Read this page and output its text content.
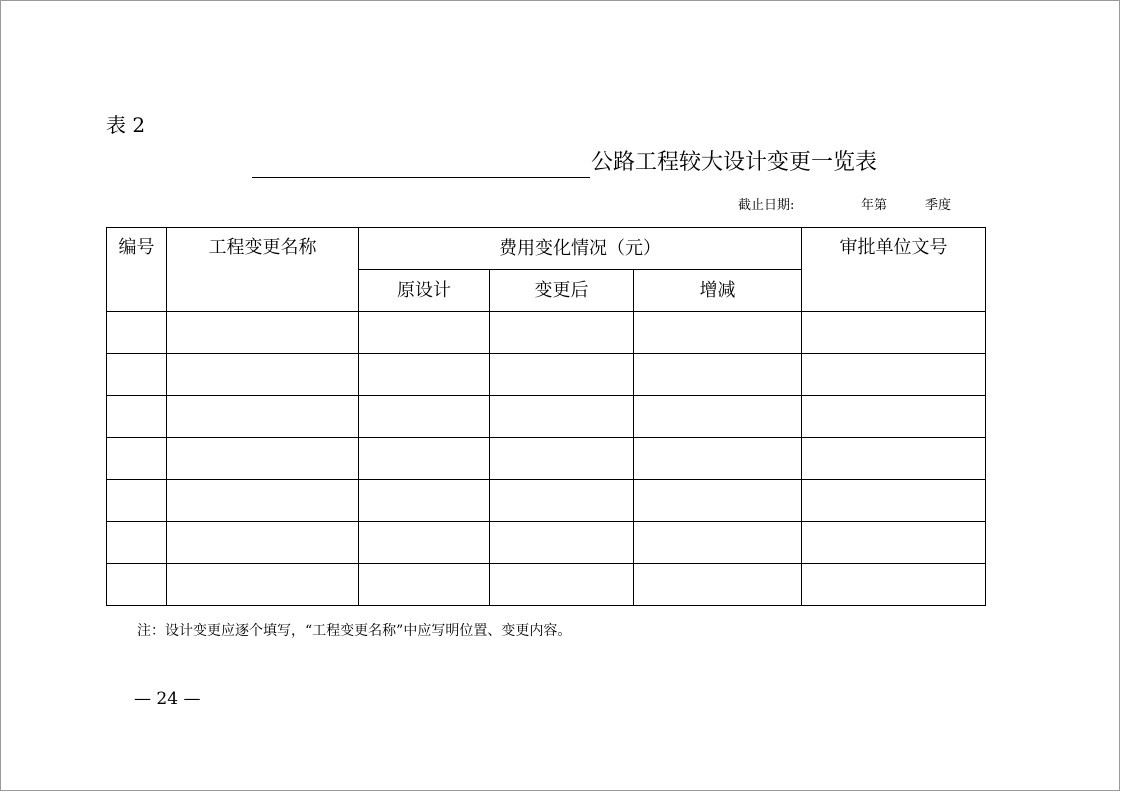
表 2
公路工程较大设计变更一览表
截止日期:	年第	季度
编号	工程变更名称	费用变化情况（元）			审批单位文号
		原设计	变更后	增减	

注：设计变更应逐个填写，“工程变更名称”中应写明位置、变更内容。
— 24 —
